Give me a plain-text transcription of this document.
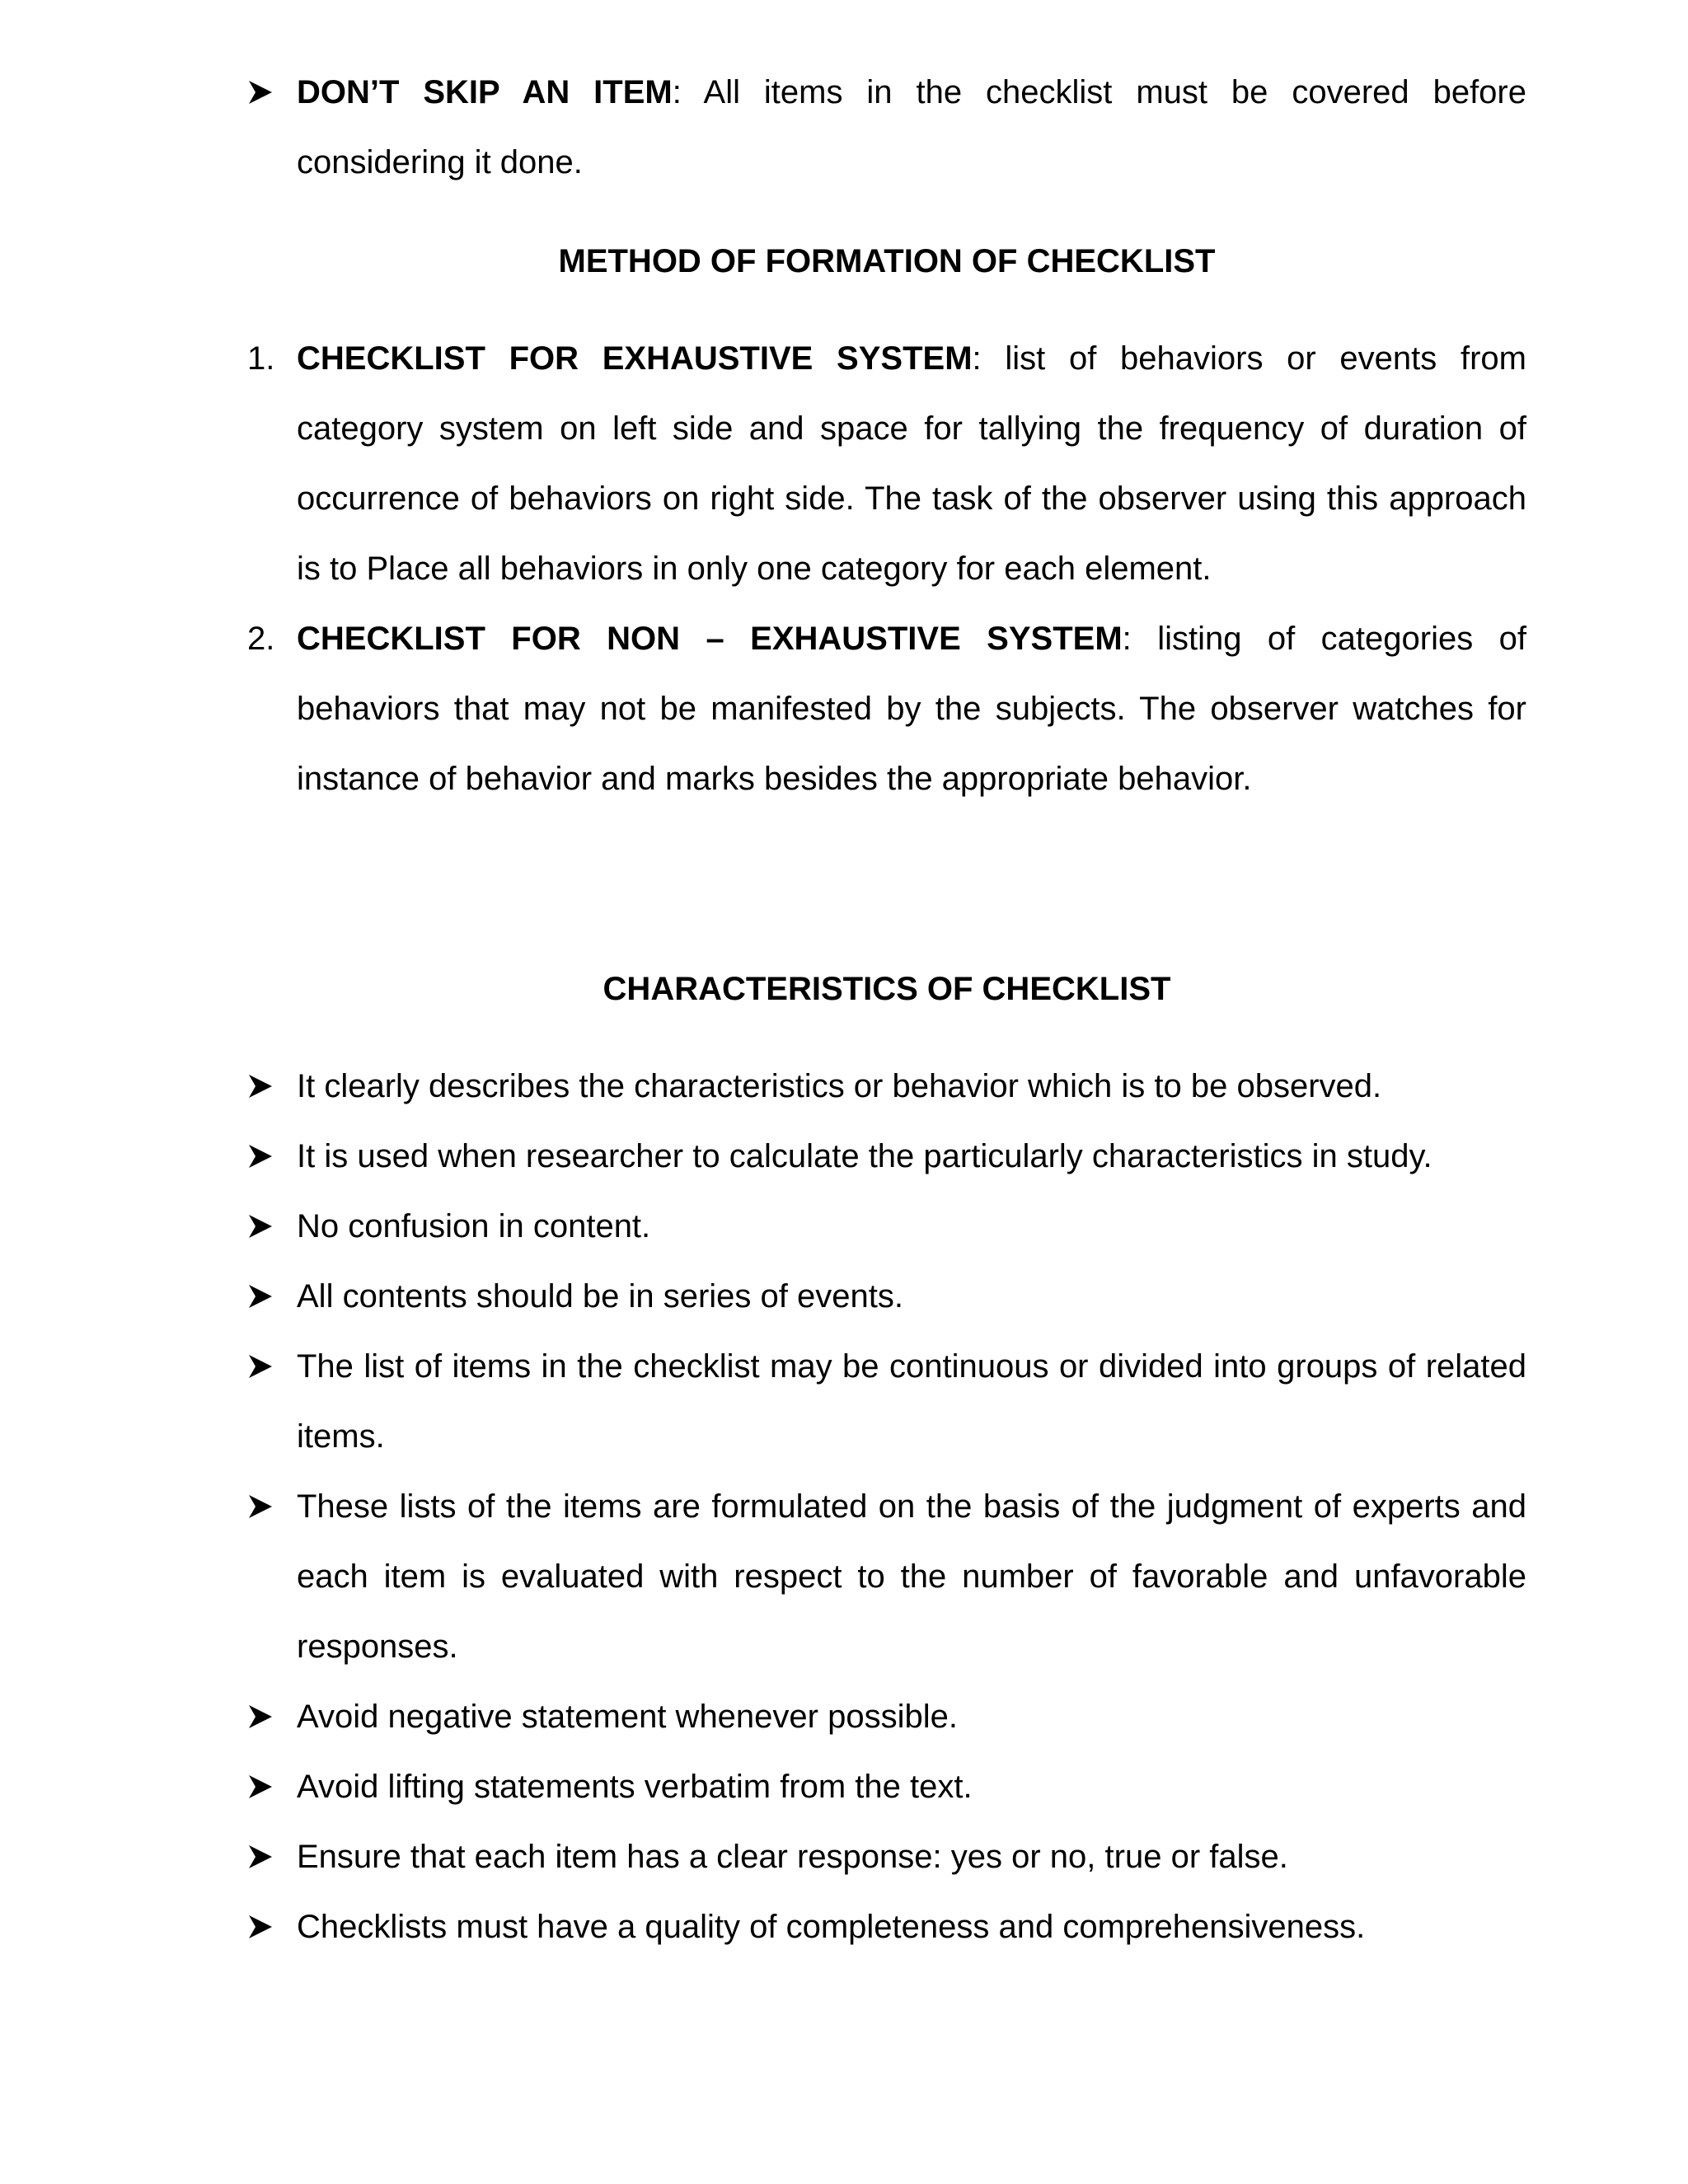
DON’T SKIP AN ITEM: All items in the checklist must be covered before considering it done.

METHOD OF FORMATION OF CHECKLIST

1. CHECKLIST FOR EXHAUSTIVE SYSTEM: list of behaviors or events from category system on left side and space for tallying the frequency of duration of occurrence of behaviors on right side. The task of the observer using this approach is to Place all behaviors in only one category for each element.

2. CHECKLIST FOR NON – EXHAUSTIVE SYSTEM: listing of categories of behaviors that may not be manifested by the subjects. The observer watches for instance of behavior and marks besides the appropriate behavior.

CHARACTERISTICS OF CHECKLIST

It clearly describes the characteristics or behavior which is to be observed.

It is used when researcher to calculate the particularly characteristics in study.

No confusion in content.

All contents should be in series of events.

The list of items in the checklist may be continuous or divided into groups of related items.

These lists of the items are formulated on the basis of the judgment of experts and each item is evaluated with respect to the number of favorable and unfavorable responses.

Avoid negative statement whenever possible.

Avoid lifting statements verbatim from the text.

Ensure that each item has a clear response: yes or no, true or false.

Checklists must have a quality of completeness and comprehensiveness.
